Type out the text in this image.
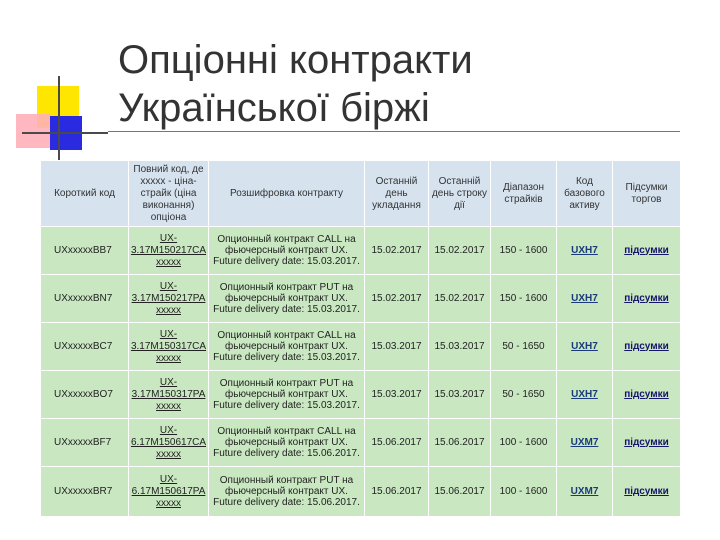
Опціонні контракти
Української біржі
Короткий код	Повний код, де xxxxx - ціна-страйк (ціна виконання) опціона	Розшифровка контракту	Останній день укладання	Останній день строку дії	Діапазон страйків	Код базового активу	Підсумки торгов
UXxxxxxBB7	UX-3.17M150217CA xxxxx	Опционный контракт CALL на фьючерсный контракт UX. Future delivery date: 15.03.2017.	15.02.2017	15.02.2017	150 - 1600	UXH7	підсумки
UXxxxxxBN7	UX-3.17M150217PA xxxxx	Опционный контракт PUT на фьючерсный контракт UX. Future delivery date: 15.03.2017.	15.02.2017	15.02.2017	150 - 1600	UXH7	підсумки
UXxxxxxBC7	UX-3.17M150317CA xxxxx	Опционный контракт CALL на фьючерсный контракт UX. Future delivery date: 15.03.2017.	15.03.2017	15.03.2017	50 - 1650	UXH7	підсумки
UXxxxxxBO7	UX-3.17M150317PA xxxxx	Опционный контракт PUT на фьючерсный контракт UX. Future delivery date: 15.03.2017.	15.03.2017	15.03.2017	50 - 1650	UXH7	підсумки
UXxxxxxBF7	UX-6.17M150617CA xxxxx	Опционный контракт CALL на фьючерсный контракт UX. Future delivery date: 15.06.2017.	15.06.2017	15.06.2017	100 - 1600	UXM7	підсумки
UXxxxxxBR7	UX-6.17M150617PA xxxxx	Опционный контракт PUT на фьючерсный контракт UX. Future delivery date: 15.06.2017.	15.06.2017	15.06.2017	100 - 1600	UXM7	підсумки
